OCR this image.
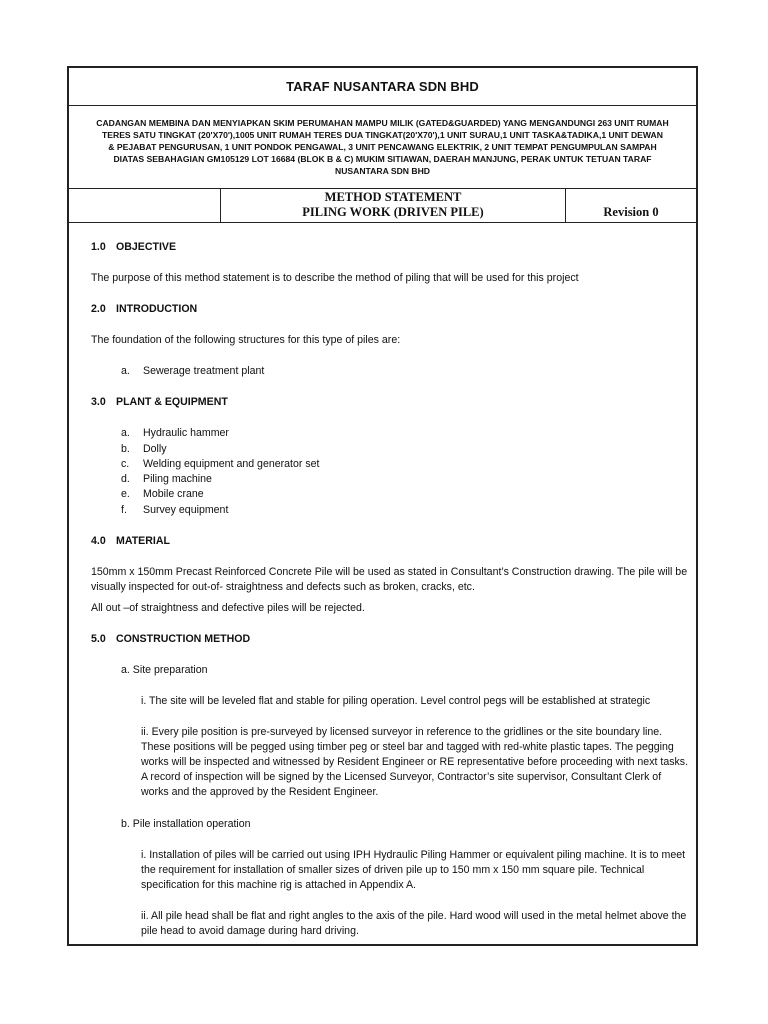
TARAF NUSANTARA SDN BHD
CADANGAN MEMBINA DAN MENYIAPKAN SKIM PERUMAHAN MAMPU MILIK (GATED&GUARDED) YANG MENGANDUNGI 263 UNIT RUMAH
TERES SATU TINGKAT (20'X70'),1005 UNIT RUMAH TERES DUA TINGKAT(20'X70'),1 UNIT SURAU,1 UNIT TASKA&TADIKA,1 UNIT DEWAN
& PEJABAT PENGURUSAN, 1 UNIT PONDOK PENGAWAL, 3 UNIT PENCAWANG ELEKTRIK, 2 UNIT TEMPAT PENGUMPULAN SAMPAH
DIATAS SEBAHAGIAN GM105129 LOT 16684 (BLOK B & C) MUKIM SITIAWAN, DAERAH MANJUNG, PERAK UNTUK TETUAN TARAF
NUSANTARA SDN BHD
METHOD STATEMENT
PILING WORK (DRIVEN PILE)	Revision 0
1.0 OBJECTIVE

The purpose of this method statement is to describe the method of piling that will be used for this project

2.0 INTRODUCTION

The foundation of the following structures for this type of piles are:

a.	Sewerage treatment plant
3.0 PLANT & EQUIPMENT
a.	Hydraulic hammer
b.	Dolly
c.	Welding equipment and generator set
d.	Piling machine
e.	Mobile crane
f.	Survey equipment
4.0 MATERIAL

150mm x 150mm Precast Reinforced Concrete Pile will be used as stated in Consultant’s Construction drawing. The pile will be visually inspected for out-of- straightness and defects such as broken, cracks, etc.

All out –of straightness and defective piles will be rejected.

5.0 CONSTRUCTION METHOD
a. Site preparation

i. The site will be leveled flat and stable for piling operation. Level control pegs will be established at strategic

ii. Every pile position is pre-surveyed by licensed surveyor in reference to the gridlines or the site boundary line. These positions will be pegged using timber peg or steel bar and tagged with red-white plastic tapes. The pegging works will be inspected and witnessed by Resident Engineer or RE representative before proceeding with next tasks. A record of inspection will be signed by the Licensed Surveyor, Contractor’s site supervisor, Consultant Clerk of works and the approved by the Resident Engineer.

b. Pile installation operation

i. Installation of piles will be carried out using IPH Hydraulic Piling Hammer or equivalent piling machine. It is to meet the requirement for installation of smaller sizes of driven pile up to 150 mm x 150 mm square pile. Technical specification for this machine rig is attached in Appendix A.

ii. All pile head shall be flat and right angles to the axis of the pile. Hard wood will used in the metal helmet above the pile head to avoid damage during hard driving.
